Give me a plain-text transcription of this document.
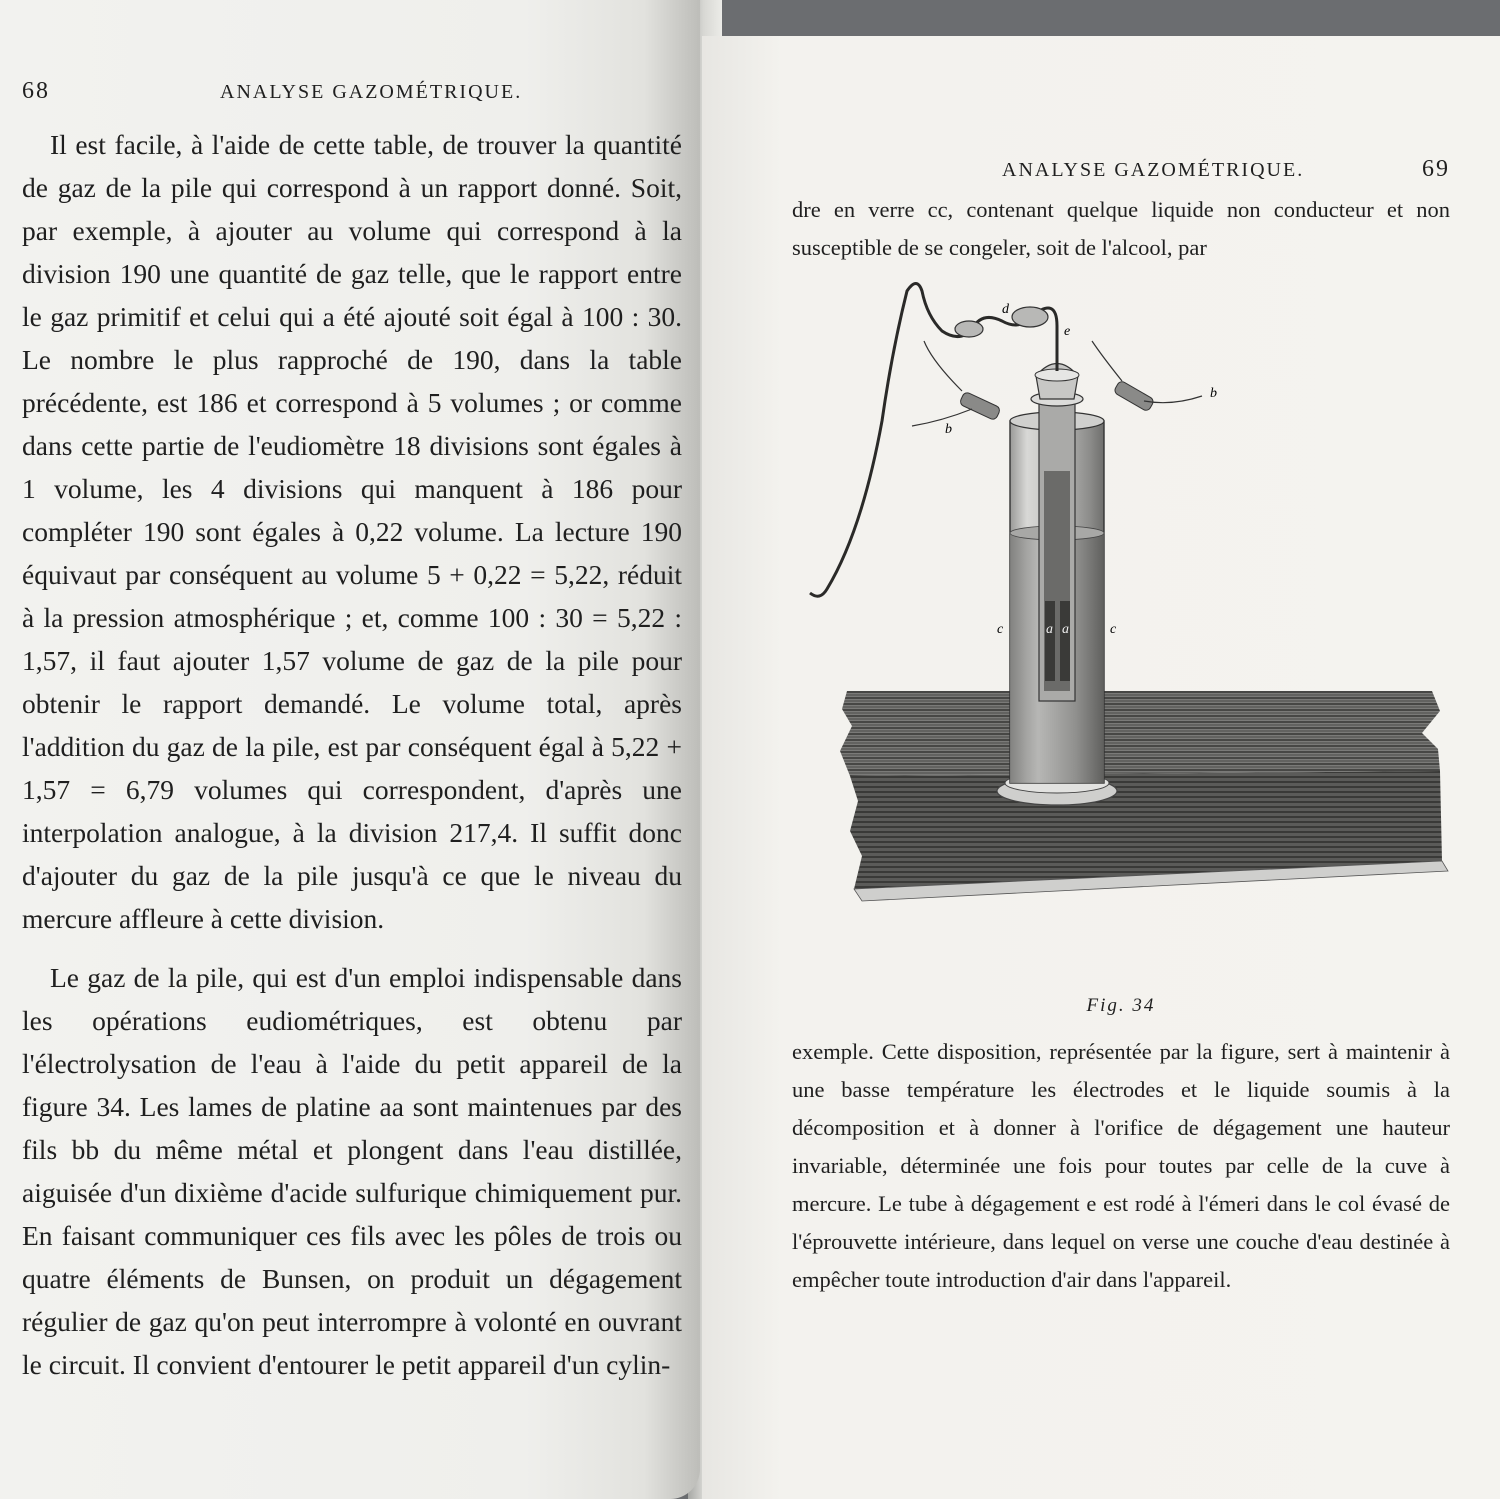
68	ANALYSE GAZOMÉTRIQUE.

Il est facile, à l'aide de cette table, de trouver la quantité de gaz de la pile qui correspond à un rapport donné. Soit, par exemple, à ajouter au volume qui correspond à la division 190 une quantité de gaz telle, que le rapport entre le gaz primitif et celui qui a été ajouté soit égal à 100 : 30. Le nombre le plus rapproché de 190, dans la table précédente, est 186 et correspond à 5 volumes ; or comme dans cette partie de l'eudiomètre 18 divisions sont égales à 1 volume, les 4 divisions qui manquent à 186 pour compléter 190 sont égales à 0,22 volume. La lecture 190 équivaut par conséquent au volume 5 + 0,22 = 5,22, réduit à la pression atmosphérique ; et, comme 100 : 30 = 5,22 : 1,57, il faut ajouter 1,57 volume de gaz de la pile pour obtenir le rapport demandé. Le volume total, après l'addition du gaz de la pile, est par conséquent égal à 5,22 + 1,57 = 6,79 volumes qui correspondent, d'après une interpolation analogue, à la division 217,4. Il suffit donc d'ajouter du gaz de la pile jusqu'à ce que le niveau du mercure affleure à cette division.

Le gaz de la pile, qui est d'un emploi indispensable dans les opérations eudiométriques, est obtenu par l'électrolysation de l'eau à l'aide du petit appareil de la figure 34. Les lames de platine aa sont maintenues par des fils bb du même métal et plongent dans l'eau distillée, aiguisée d'un dixième d'acide sulfurique chimiquement pur. En faisant communiquer ces fils avec les pôles de trois ou quatre éléments de Bunsen, on produit un dégagement régulier de gaz qu'on peut interrompre à volonté en ouvrant le circuit. Il convient d'entourer le petit appareil d'un cylin-

ANALYSE GAZOMÉTRIQUE.	69

dre en verre cc, contenant quelque liquide non conducteur et non susceptible de se congeler, soit de l'alcool, par

d
e
b
b
c	c
a a
Fig. 34

exemple. Cette disposition, représentée par la figure, sert à maintenir à une basse température les électrodes et le liquide soumis à la décomposition et à donner à l'orifice de dégagement une hauteur invariable, déterminée une fois pour toutes par celle de la cuve à mercure. Le tube à dégagement e est rodé à l'émeri dans le col évasé de l'éprouvette intérieure, dans lequel on verse une couche d'eau destinée à empêcher toute introduction d'air dans l'appareil.
